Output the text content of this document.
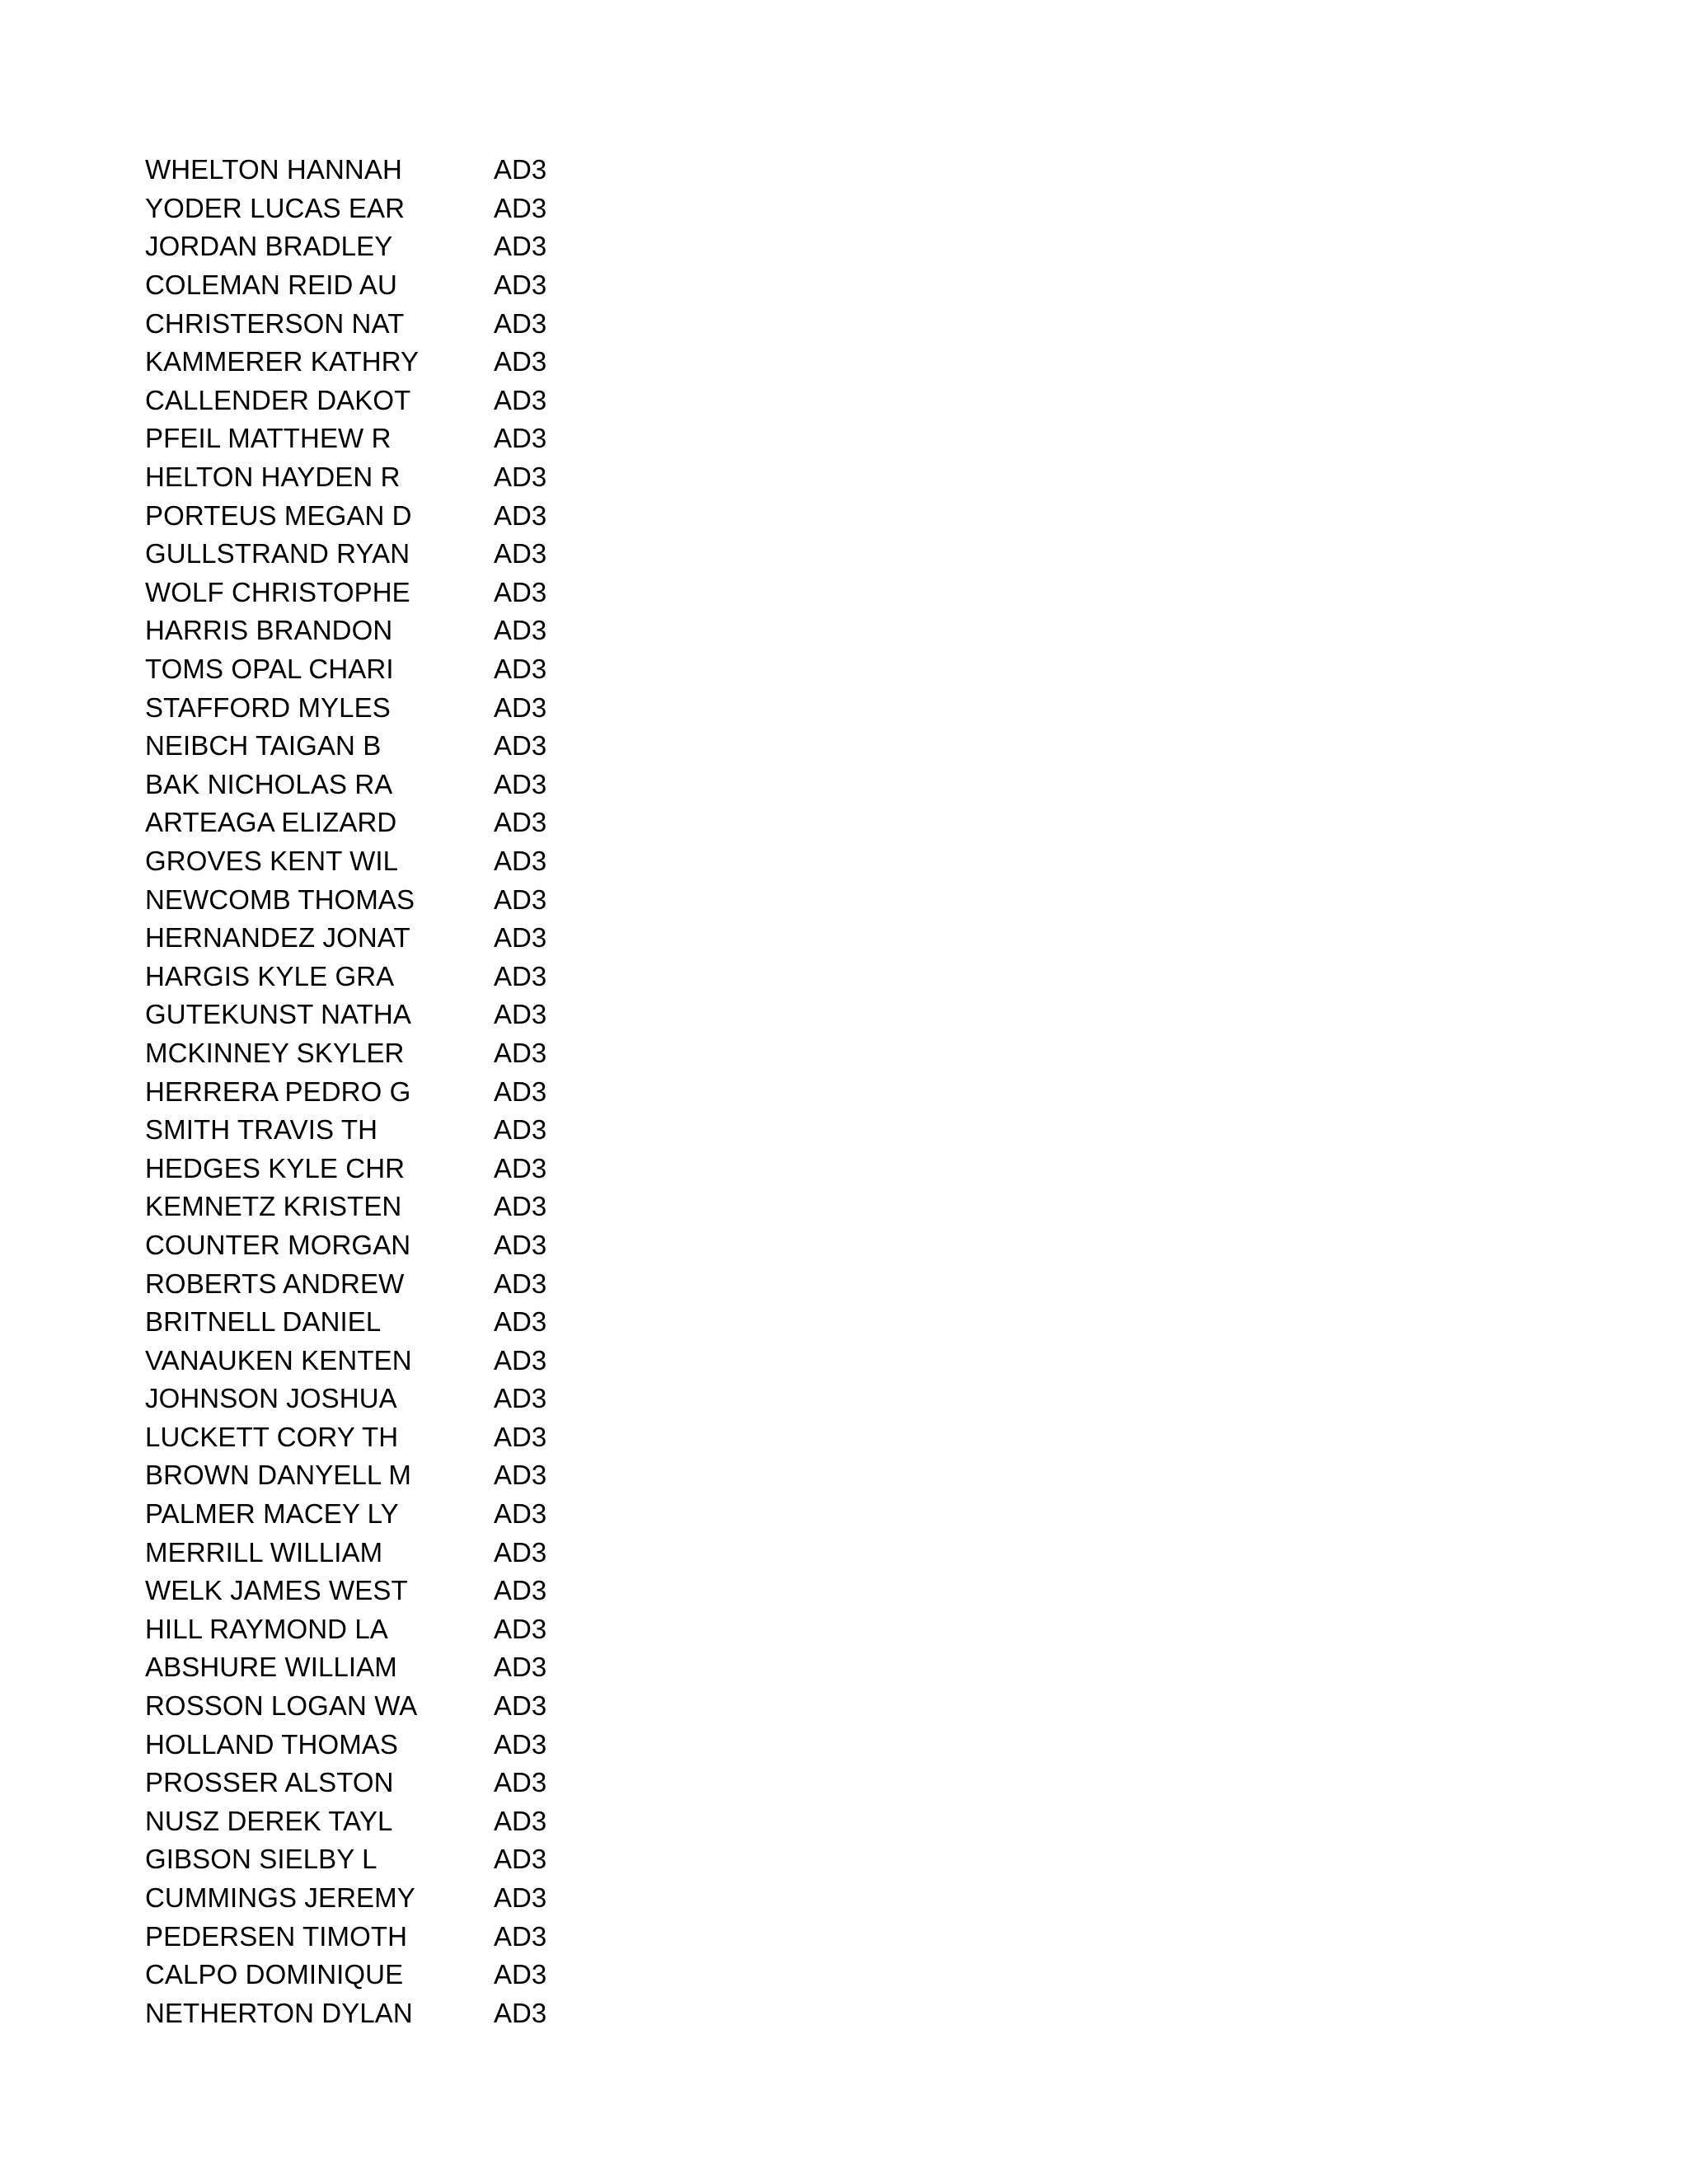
WHELTON HANNAH	AD3
YODER LUCAS EAR	AD3
JORDAN BRADLEY	AD3
COLEMAN REID AU	AD3
CHRISTERSON NAT	AD3
KAMMERER KATHRY	AD3
CALLENDER DAKOT	AD3
PFEIL MATTHEW R	AD3
HELTON HAYDEN R	AD3
PORTEUS MEGAN D	AD3
GULLSTRAND RYAN	AD3
WOLF CHRISTOPHE	AD3
HARRIS BRANDON	AD3
TOMS OPAL CHARI	AD3
STAFFORD MYLES	AD3
NEIBCH TAIGAN B	AD3
BAK NICHOLAS RA	AD3
ARTEAGA ELIZARD	AD3
GROVES KENT WIL	AD3
NEWCOMB THOMAS	AD3
HERNANDEZ JONAT	AD3
HARGIS KYLE GRA	AD3
GUTEKUNST NATHA	AD3
MCKINNEY SKYLER	AD3
HERRERA PEDRO G	AD3
SMITH TRAVIS TH	AD3
HEDGES KYLE CHR	AD3
KEMNETZ KRISTEN	AD3
COUNTER MORGAN	AD3
ROBERTS ANDREW	AD3
BRITNELL DANIEL	AD3
VANAUKEN KENTEN	AD3
JOHNSON JOSHUA	AD3
LUCKETT CORY TH	AD3
BROWN DANYELL M	AD3
PALMER MACEY LY	AD3
MERRILL WILLIAM	AD3
WELK JAMES WEST	AD3
HILL RAYMOND LA	AD3
ABSHURE WILLIAM	AD3
ROSSON LOGAN WA	AD3
HOLLAND THOMAS	AD3
PROSSER ALSTON	AD3
NUSZ DEREK TAYL	AD3
GIBSON SIELBY L	AD3
CUMMINGS JEREMY	AD3
PEDERSEN TIMOTH	AD3
CALPO DOMINIQUE	AD3
NETHERTON DYLAN	AD3
